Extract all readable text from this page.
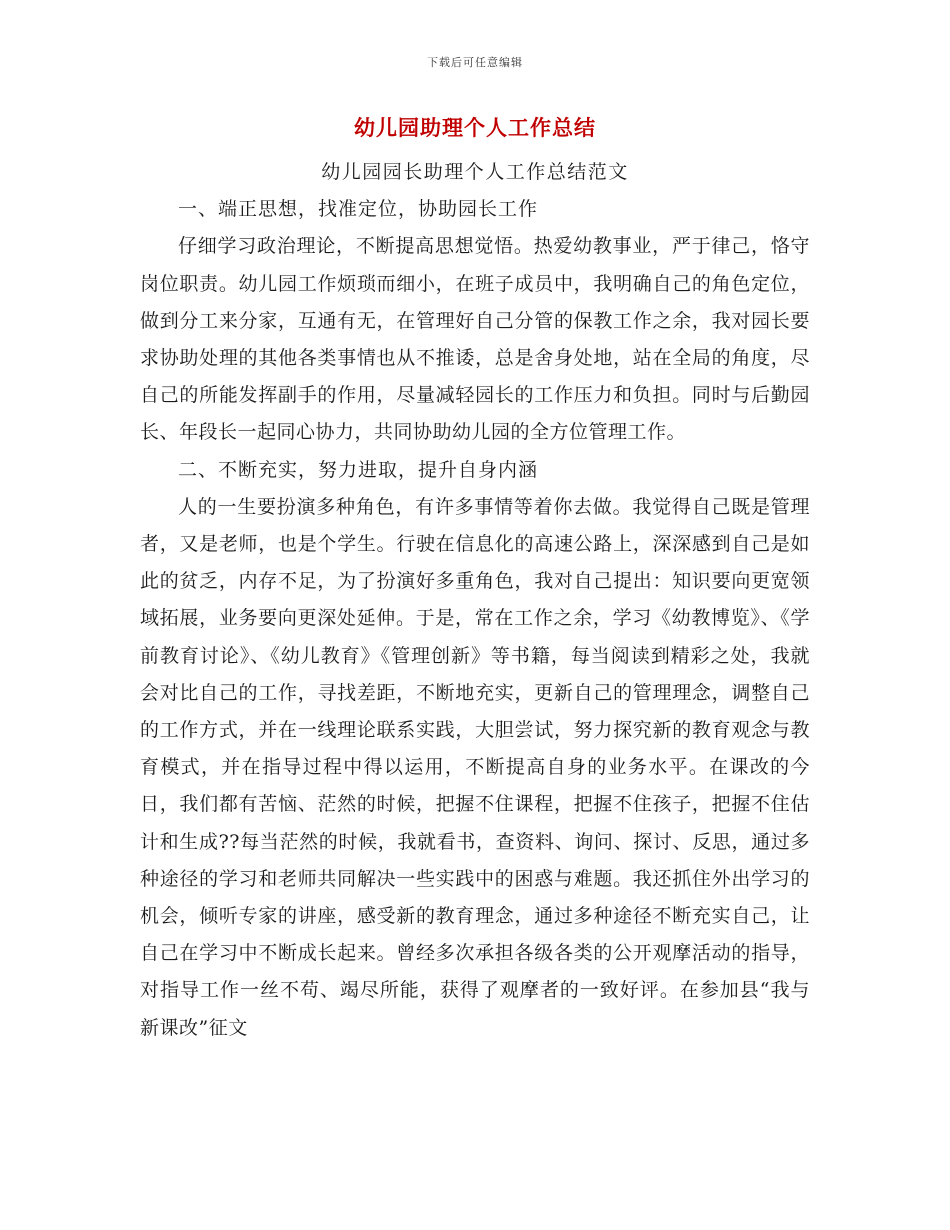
下载后可任意编辑
幼儿园助理个人工作总结

幼儿园园长助理个人工作总结范文

一、端正思想，找准定位，协助园长工作

仔细学习政治理论，不断提高思想觉悟。热爱幼教事业，严于律己，恪守岗位职责。幼儿园工作烦琐而细小，在班子成员中，我明确自己的角色定位，做到分工来分家，互通有无，在管理好自己分管的保教工作之余，我对园长要求协助处理的其他各类事情也从不推诿，总是舍身处地，站在全局的角度，尽自己的所能发挥副手的作用，尽量减轻园长的工作压力和负担。同时与后勤园长、年段长一起同心协力，共同协助幼儿园的全方位管理工作。

二、不断充实，努力进取，提升自身内涵

人的一生要扮演多种角色，有许多事情等着你去做。我觉得自己既是管理者，又是老师，也是个学生。行驶在信息化的高速公路上，深深感到自己是如此的贫乏，内存不足，为了扮演好多重角色，我对自己提出：知识要向更宽领域拓展，业务要向更深处延伸。于是，常在工作之余，学习《幼教博览》、《学前教育讨论》、《幼儿教育》《管理创新》等书籍，每当阅读到精彩之处，我就会对比自己的工作，寻找差距，不断地充实，更新自己的管理理念，调整自己的工作方式，并在一线理论联系实践，大胆尝试，努力探究新的教育观念与教育模式，并在指导过程中得以运用，不断提高自身的业务水平。在课改的今日，我们都有苦恼、茫然的时候，把握不住课程，把握不住孩子，把握不住估计和生成??每当茫然的时候，我就看书，查资料、询问、探讨、反思，通过多种途径的学习和老师共同解决一些实践中的困惑与难题。我还抓住外出学习的机会，倾听专家的讲座，感受新的教育理念，通过多种途径不断充实自己，让自己在学习中不断成长起来。曾经多次承担各级各类的公开观摩活动的指导，对指导工作一丝不苟、竭尽所能，获得了观摩者的一致好评。在参加县“我与新课改”征文
